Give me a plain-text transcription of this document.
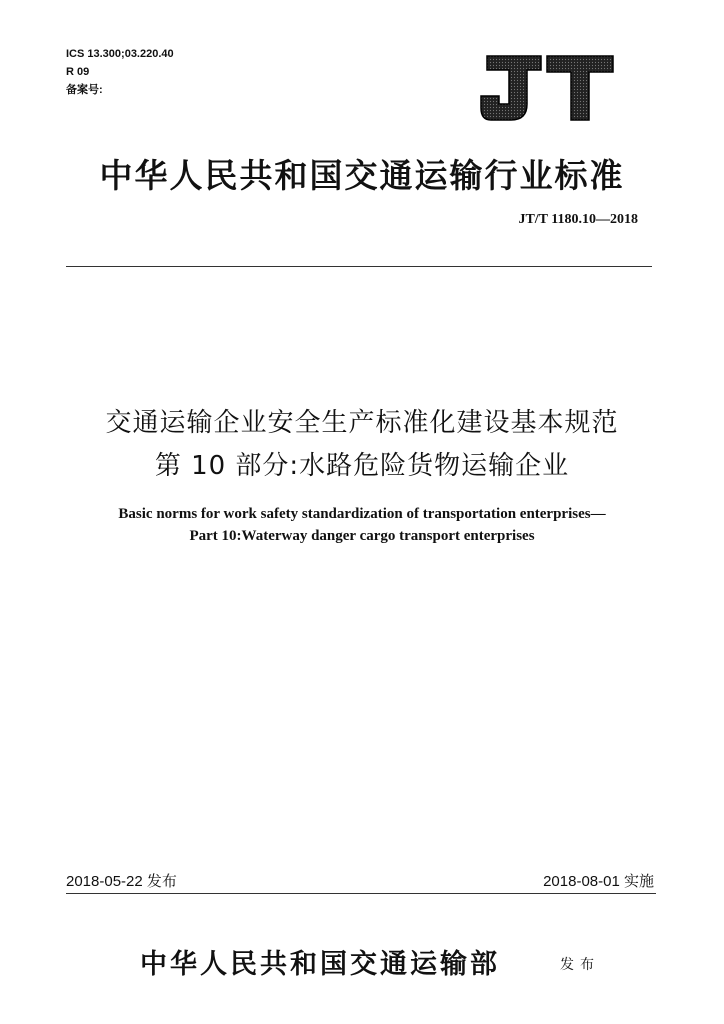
ICS 13.300;03.220.40
R 09
备案号:
中华人民共和国交通运输行业标准
JT/T 1180.10—2018
交通运输企业安全生产标准化建设基本规范
第 10 部分:水路危险货物运输企业
Basic norms for work safety standardization of transportation enterprises—
Part 10:Waterway danger cargo transport enterprises
2018-05-22 发布	2018-08-01 实施
中华人民共和国交通运输部	发布
